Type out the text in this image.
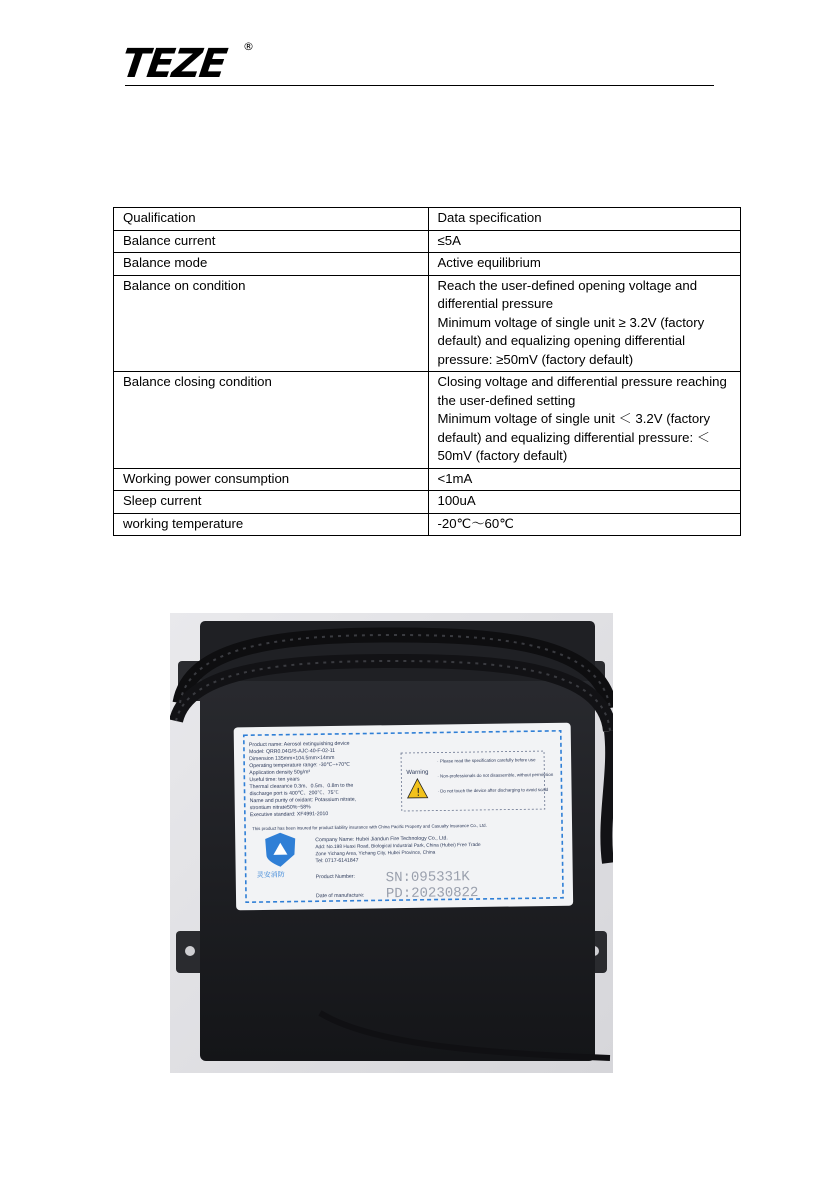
TEZE ®
Qualification	Data specification
Balance current	≤5A
Balance mode	Active equilibrium
Balance on condition	Reach the user-defined opening voltage and differential pressure
Minimum voltage of single unit ≥ 3.2V (factory default) and equalizing opening differential pressure: ≥50mV (factory default)
Balance closing condition	Closing voltage and differential pressure reaching the user-defined setting
Minimum voltage of single unit ＜ 3.2V (factory default) and equalizing differential pressure: ＜ 50mV (factory default)
Working power consumption	<1mA
Sleep current	100uA
working temperature	-20℃～60℃
Product name: Aerosol extinguishing device
Model: QRR0.04G/S-AJC-40-F-02-11
Dimension 135mm×104.5mm×14mm
Operating temperature range: -30℃~+70℃
Application density 50g/m³
Useful time: ten years
Thermal clearance 0.3m、0.5m、0.8m to the
discharge port is 400℃、200℃、75℃
Name and purity of oxidant: Potassium nitrate,
strontium nitrate50%~58%
Executive standard: XF4991-2010
This product has been insured for product liability insurance with China Pacific Property and Casualty Insurance Co., Ltd.
Company Name: Hubei Jiandun Fire Technology Co., Ltd.
Add: No.198 Huaxi Road, Biological Industrial Park, China (Hubei) Free Trade
Zone Yichang Area, Yichang City, Hubei Province, China
Tel: 0717-6141847
Product Number:
Date of manufacture:
Warning
· Please read the specification carefully before use
· Non-professionals do not disassemble, without permission
· Do not touch the device after discharging to avoid scald
!
灵安消防	SN:095331K
PD:20230822
